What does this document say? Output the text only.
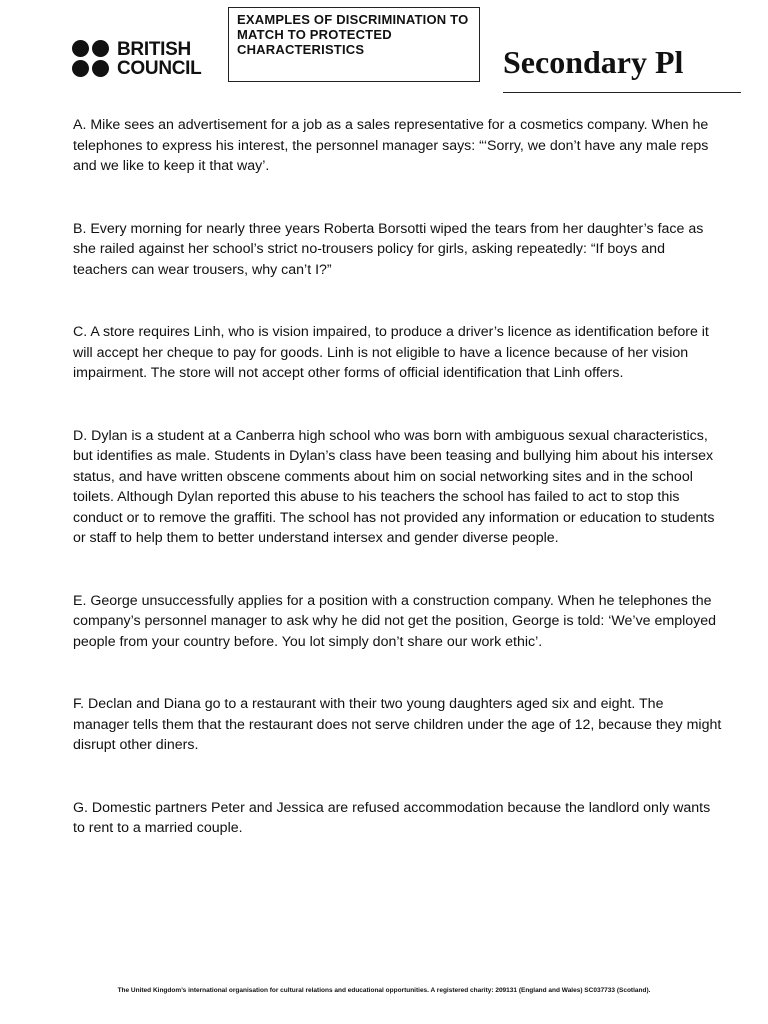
BRITISH
COUNCIL
EXAMPLES OF DISCRIMINATION TO MATCH TO PROTECTED CHARACTERISTICS	Secondary Pl

A. Mike sees an advertisement for a job as a sales representative for a cosmetics company. When he telephones to express his interest, the personnel manager says: “‘Sorry, we don’t have any male reps and we like to keep it that way’.

B. Every morning for nearly three years Roberta Borsotti wiped the tears from her daughter’s face as she railed against her school’s strict no-trousers policy for girls, asking repeatedly: “If boys and teachers can wear trousers, why can’t I?”

C. A store requires Linh, who is vision impaired, to produce a driver’s licence as identification before it will accept her cheque to pay for goods. Linh is not eligible to have a licence because of her vision impairment. The store will not accept other forms of official identification that Linh offers.

D. Dylan is a student at a Canberra high school who was born with ambiguous sexual characteristics, but identifies as male. Students in Dylan’s class have been teasing and bullying him about his intersex status, and have written obscene comments about him on social networking sites and in the school toilets. Although Dylan reported this abuse to his teachers the school has failed to act to stop this conduct or to remove the graffiti. The school has not provided any information or education to students or staff to help them to better understand intersex and gender diverse people.

E. George unsuccessfully applies for a position with a construction company. When he telephones the company’s personnel manager to ask why he did not get the position, George is told: ‘We’ve employed people from your country before. You lot simply don’t share our work ethic’.

F. Declan and Diana go to a restaurant with their two young daughters aged six and eight. The manager tells them that the restaurant does not serve children under the age of 12, because they might disrupt other diners.

G. Domestic partners Peter and Jessica are refused accommodation because the landlord only wants to rent to a married couple.

The United Kingdom’s international organisation for cultural relations and educational opportunities. A registered charity: 209131 (England and Wales) SC037733 (Scotland).
